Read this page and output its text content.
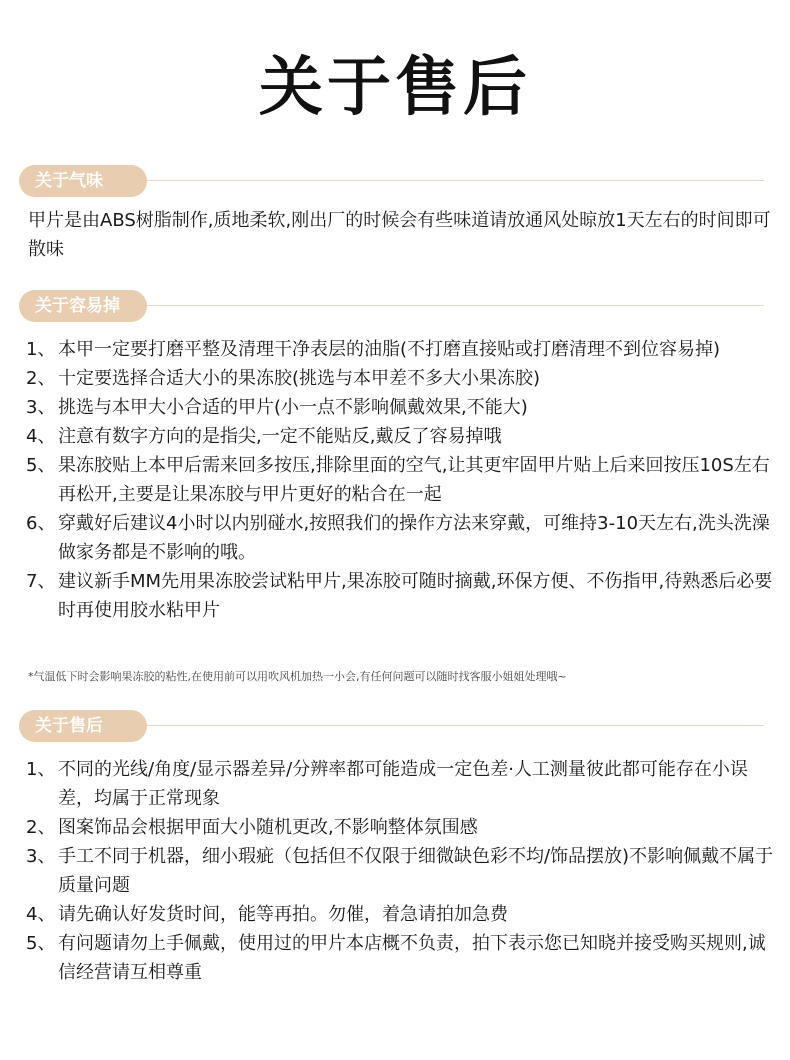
关于售后
关于气味
甲片是由ABS树脂制作,质地柔软,刚出厂的时候会有些味道请放通风处晾放1天左右的时间即可散味
关于容易掉
1、 本甲一定要打磨平整及清理干净表层的油脂(不打磨直接贴或打磨清理不到位容易掉)
2、 十定要选择合适大小的果冻胶(挑选与本甲差不多大小果冻胶)
3、 挑选与本甲大小合适的甲片(小一点不影响佩戴效果,不能大)
4、 注意有数字方向的是指尖,一定不能贴反,戴反了容易掉哦
5、 果冻胶贴上本甲后需来回多按压,排除里面的空气,让其更牢固甲片贴上后来回按压10S左右再松开,主要是让果冻胶与甲片更好的粘合在一起
6、 穿戴好后建议4小时以内别碰水,按照我们的操作方法来穿戴，可维持3-10天左右,洗头洗澡做家务都是不影响的哦。
7、 建议新手MM先用果冻胶尝试粘甲片,果冻胶可随时摘戴,环保方便、不伤指甲,待熟悉后必要时再使用胶水粘甲片
*气温低下时会影响果冻胶的粘性,在使用前可以用吹风机加热一小会,有任何问题可以随时找客服小姐姐处理哦~
关于售后
1、 不同的光线/角度/显示器差异/分辨率都可能造成一定色差·人工测量彼此都可能存在小误差，均属于正常现象
2、 图案饰品会根据甲面大小随机更改,不影响整体氛围感
3、 手工不同于机器，细小瑕疵（包括但不仅限于细微缺色彩不均/饰品摆放)不影响佩戴不属于质量问题
4、 请先确认好发货时间，能等再拍。勿催，着急请拍加急费
5、 有问题请勿上手佩戴，使用过的甲片本店概不负责，拍下表示您已知晓并接受购买规则,诚信经营请互相尊重
